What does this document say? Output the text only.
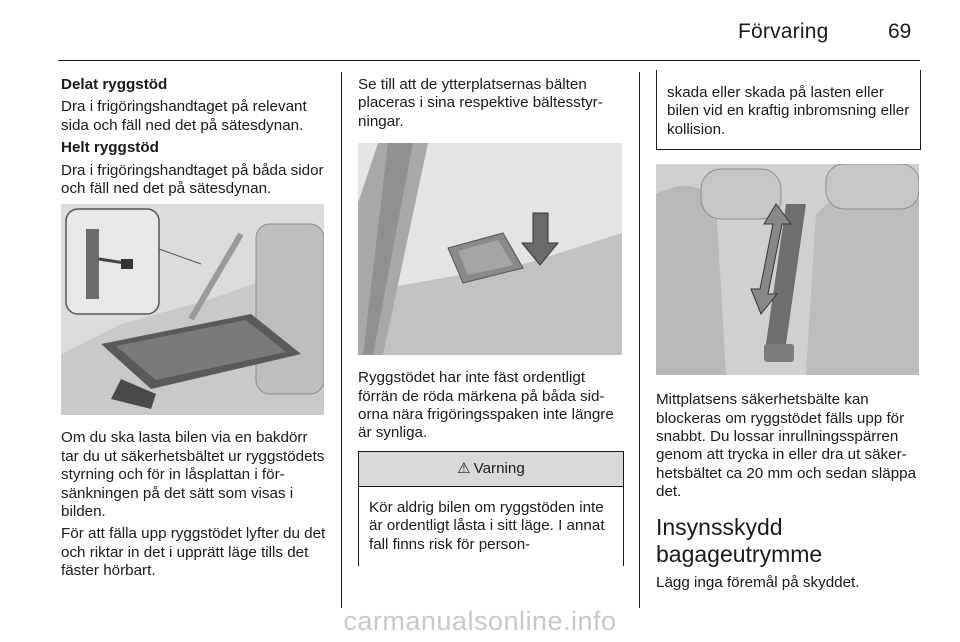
Förvaring	69
Delat ryggstöd

Dra i frigöringshandtaget på relevant sida och fäll ned det på sätesdynan.

Helt ryggstöd

Dra i frigöringshandtaget på båda sidor och fäll ned det på sätesdynan.

Om du ska lasta bilen via en bakdörr tar du ut säkerhetsbältet ur ryggstödets styrning och för in låsplattan i försänkningen på det sätt som visas i bilden.

För att fälla upp ryggstödet lyfter du det och riktar in det i upprätt läge tills det fäster hörbart.

Se till att de ytterplatsernas bälten placeras i sina respektive bältesstyrningar.

Ryggstödet har inte fäst ordentligt förrän de röda märkena på båda sidorna nära frigöringsspaken inte längre är synliga.

⚠ Varning
Kör aldrig bilen om ryggstöden inte är ordentligt låsta i sitt läge. I annat fall finns risk för person-
skada eller skada på lasten eller bilen vid en kraftig inbromsning eller kollision.

Mittplatsens säkerhetsbälte kan blockeras om ryggstödet fälls upp för snabbt. Du lossar inrullningsspärren genom att trycka in eller dra ut säkerhetsbältet ca 20 mm och sedan släppa det.

Insynsskydd bagageutrymme

Lägg inga föremål på skyddet.

carmanualsonline.info
